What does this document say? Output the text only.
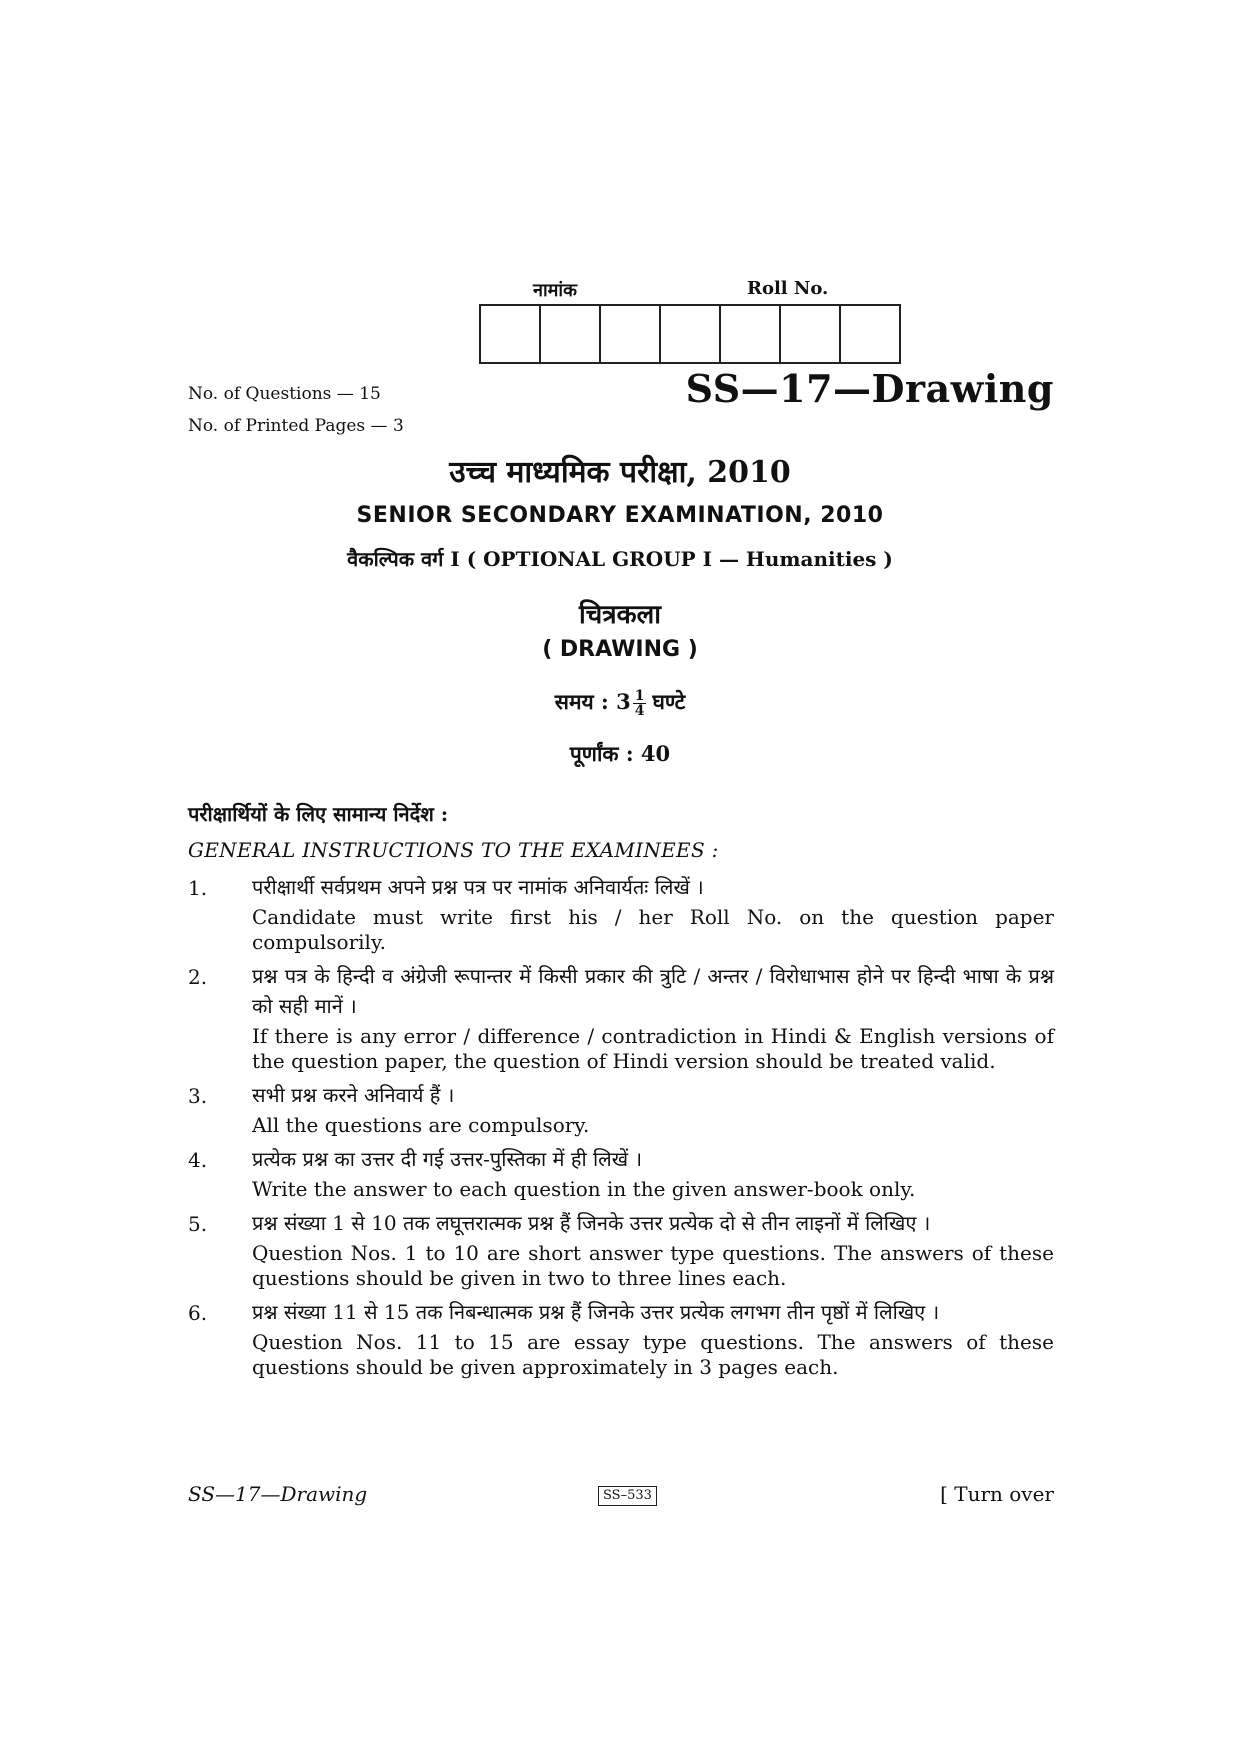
नामांक	Roll No.
No. of Questions — 15
No. of Printed Pages — 3
SS—17—Drawing
उच्च माध्यमिक परीक्षा, 2010
SENIOR SECONDARY EXAMINATION, 2010
वैकल्पिक वर्ग I ( OPTIONAL GROUP I — Humanities )
चित्रकला
( DRAWING )
समय : $3 \frac{1}{4}$ घण्टे
पूर्णांक : 40
परीक्षार्थियों के लिए सामान्य निर्देश :
GENERAL INSTRUCTIONS TO THE EXAMINEES :
1. परीक्षार्थी सर्वप्रथम अपने प्रश्न पत्र पर नामांक अनिवार्यतः लिखें ।
Candidate must write first his / her Roll No. on the question paper compulsorily.
2. प्रश्न पत्र के हिन्दी व अंग्रेजी रूपान्तर में किसी प्रकार की त्रुटि / अन्तर / विरोधाभास होने पर हिन्दी भाषा के प्रश्न को सही मानें ।
If there is any error / difference / contradiction in Hindi & English versions of the question paper, the question of Hindi version should be treated valid.
3. सभी प्रश्न करने अनिवार्य हैं ।
All the questions are compulsory.
4. प्रत्येक प्रश्न का उत्तर दी गई उत्तर-पुस्तिका में ही लिखें ।
Write the answer to each question in the given answer-book only.
5. प्रश्न संख्या 1 से 10 तक लघूत्तरात्मक प्रश्न हैं जिनके उत्तर प्रत्येक दो से तीन लाइनों में लिखिए ।
Question Nos. 1 to 10 are short answer type questions. The answers of these questions should be given in two to three lines each.
6. प्रश्न संख्या 11 से 15 तक निबन्धात्मक प्रश्न हैं जिनके उत्तर प्रत्येक लगभग तीन पृष्ठों में लिखिए ।
Question Nos. 11 to 15 are essay type questions. The answers of these questions should be given approximately in 3 pages each.
SS—17—Drawing	SS–533	[ Turn over
